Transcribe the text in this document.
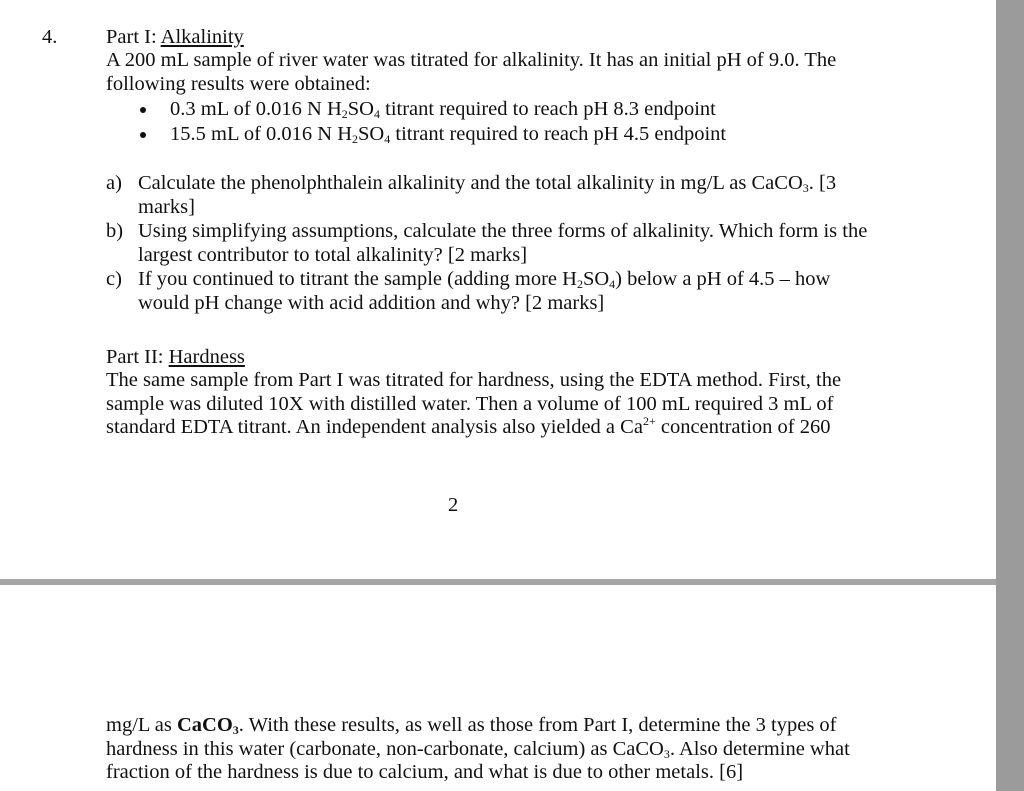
4. Part I: Alkalinity
A 200 mL sample of river water was titrated for alkalinity. It has an initial pH of 9.0. The following results were obtained:
0.3 mL of 0.016 N $H_2SO_4$ titrant required to reach pH 8.3 endpoint
15.5 mL of 0.016 N $H_2SO_4$ titrant required to reach pH 4.5 endpoint
a) Calculate the phenolphthalein alkalinity and the total alkalinity in mg/L as CaCO$_3$. [3 marks]
b) Using simplifying assumptions, calculate the three forms of alkalinity. Which form is the largest contributor to total alkalinity? [2 marks]
c) If you continued to titrant the sample (adding more $H_2SO_4$) below a pH of 4.5 – how would pH change with acid addition and why? [2 marks]
Part II: Hardness
The same sample from Part I was titrated for hardness, using the EDTA method. First, the sample was diluted 10X with distilled water. Then a volume of 100 mL required 3 mL of standard EDTA titrant. An independent analysis also yielded a $Ca^{2+}$ concentration of 260
2
mg/L as CaCO$_3$. With these results, as well as those from Part I, determine the 3 types of hardness in this water (carbonate, non-carbonate, calcium) as CaCO$_3$. Also determine what fraction of the hardness is due to calcium, and what is due to other metals. [6]
